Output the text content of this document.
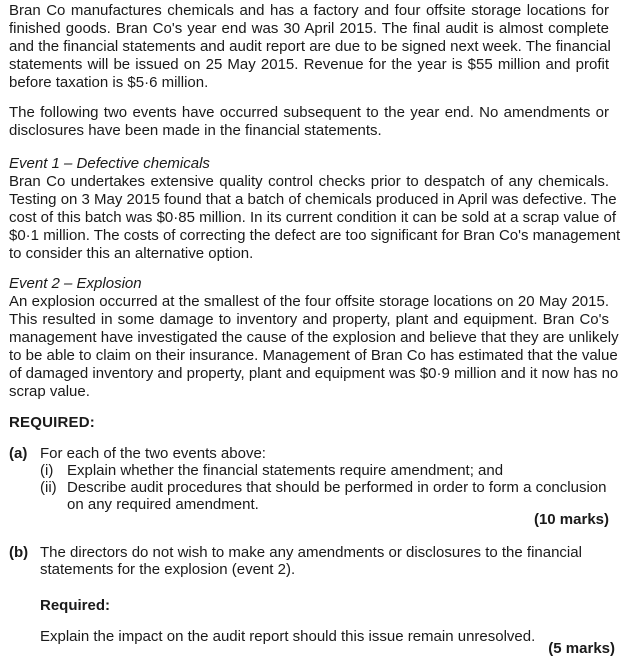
Bran Co manufactures chemicals and has a factory and four offsite storage locations for
finished goods. Bran Co's year end was 30 April 2015. The final audit is almost complete
and the financial statements and audit report are due to be signed next week. The financial
statements will be issued on 25 May 2015. Revenue for the year is $55 million and profit
before taxation is $5·6 million.
The following two events have occurred subsequent to the year end. No amendments or
disclosures have been made in the financial statements.
Event 1 – Defective chemicals
Bran Co undertakes extensive quality control checks prior to despatch of any chemicals.
Testing on 3 May 2015 found that a batch of chemicals produced in April was defective. The
cost of this batch was $0·85 million. In its current condition it can be sold at a scrap value of
$0·1 million. The costs of correcting the defect are too significant for Bran Co's management
to consider this an alternative option.
Event 2 – Explosion
An explosion occurred at the smallest of the four offsite storage locations on 20 May 2015.
This resulted in some damage to inventory and property, plant and equipment. Bran Co's
management have investigated the cause of the explosion and believe that they are unlikely
to be able to claim on their insurance. Management of Bran Co has estimated that the value
of damaged inventory and property, plant and equipment was $0·9 million and it now has no
scrap value.
REQUIRED:
(a) For each of the two events above:
(i) Explain whether the financial statements require amendment; and
(ii) Describe audit procedures that should be performed in order to form a conclusion
on any required amendment.
(10 marks)
(b) The directors do not wish to make any amendments or disclosures to the financial
statements for the explosion (event 2).
Required:
Explain the impact on the audit report should this issue remain unresolved.
(5 marks)
